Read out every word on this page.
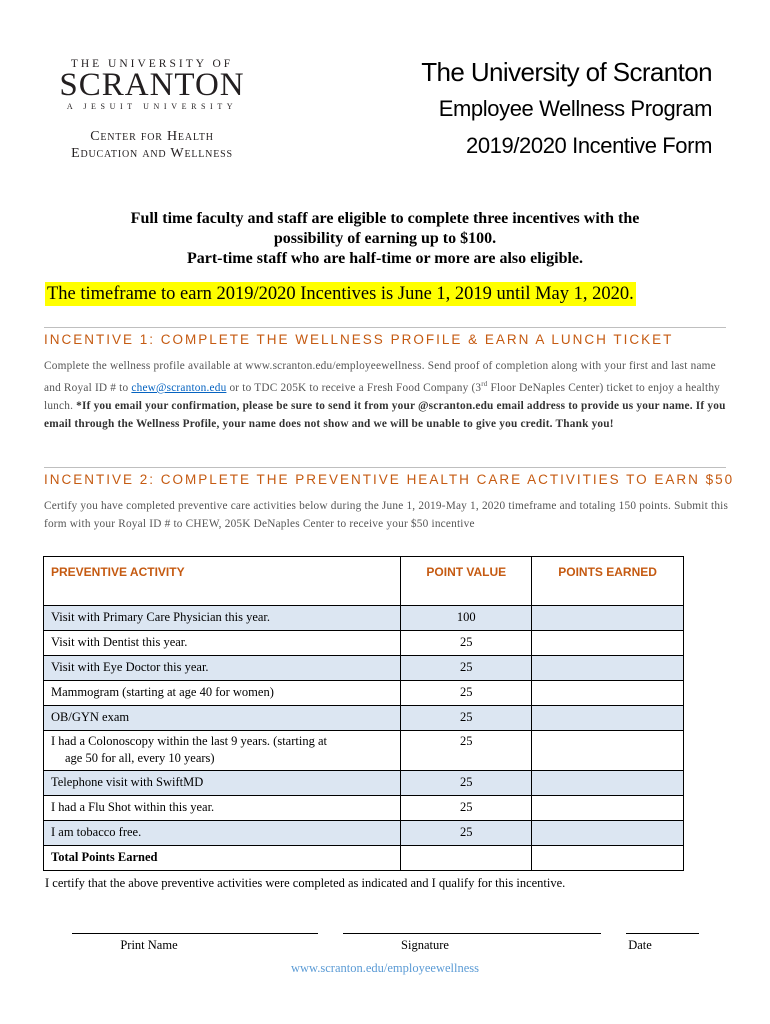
THE UNIVERSITY OF
SCRANTON
A JESUIT UNIVERSITY
Center for Health
Education and Wellness
The University of Scranton
Employee Wellness Program
2019/2020 Incentive Form
Full time faculty and staff are eligible to complete three incentives with the
possibility of earning up to $100.
Part-time staff who are half-time or more are also eligible.
The timeframe to earn 2019/2020 Incentives is June 1, 2019 until May 1, 2020.
INCENTIVE 1: COMPLETE THE WELLNESS PROFILE & EARN A LUNCH TICKET
Complete the wellness profile available at www.scranton.edu/employeewellness. Send proof of completion along with your first and last name and Royal ID # to chew@scranton.edu or to TDC 205K to receive a Fresh Food Company (3rd Floor DeNaples Center) ticket to enjoy a healthy lunch. *If you email your confirmation, please be sure to send it from your @scranton.edu email address to provide us your name. If you email through the Wellness Profile, your name does not show and we will be unable to give you credit. Thank you!
INCENTIVE 2: COMPLETE THE PREVENTIVE HEALTH CARE ACTIVITIES TO EARN $50
Certify you have completed preventive care activities below during the June 1, 2019-May 1, 2020 timeframe and totaling 150 points. Submit this form with your Royal ID # to CHEW, 205K DeNaples Center to receive your $50 incentive
PREVENTIVE ACTIVITY	POINT VALUE	POINTS EARNED
Visit with Primary Care Physician this year.	100	
Visit with Dentist this year.	25	
Visit with Eye Doctor this year.	25	
Mammogram (starting at age 40 for women)	25	
OB/GYN exam	25	

I had a Colonoscopy within the last 9 years. (starting at
age 50 for all, every 10 years)	25	
Telephone visit with SwiftMD	25	
I had a Flu Shot within this year.	25	
I am tobacco free.	25	
Total Points Earned		
I certify that the above preventive activities were completed as indicated and I qualify for this incentive.
Print Name	Signature	Date
www.scranton.edu/employeewellness
